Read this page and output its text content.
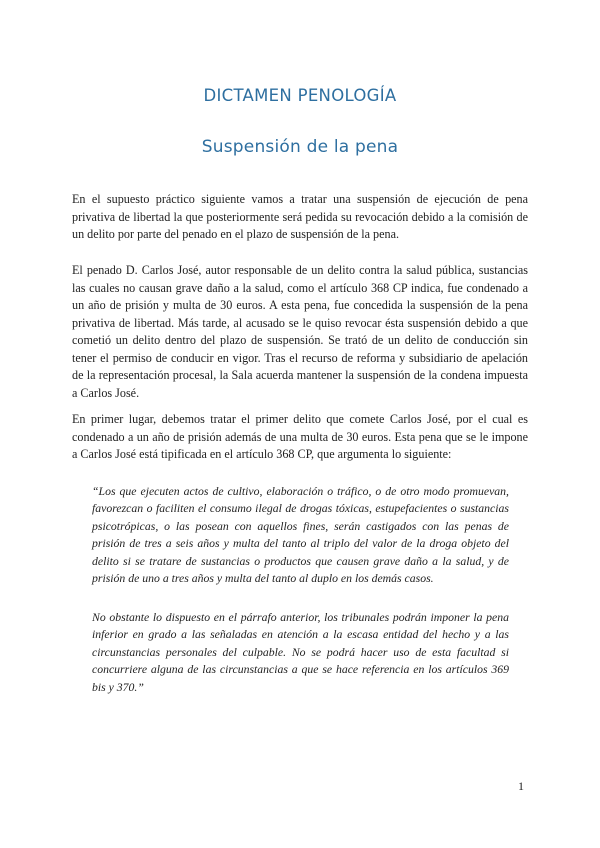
DICTAMEN PENOLOGÍA
Suspensión de la pena

En el supuesto práctico siguiente vamos a tratar una suspensión de ejecución de pena privativa de libertad la que posteriormente será pedida su revocación debido a la comisión de un delito por parte del penado en el plazo de suspensión de la pena.

El penado D. Carlos José, autor responsable de un delito contra la salud pública, sustancias las cuales no causan grave daño a la salud, como el artículo 368 CP indica, fue condenado a un año de prisión y multa de 30 euros. A esta pena, fue concedida la suspensión de la pena privativa de libertad. Más tarde, al acusado se le quiso revocar ésta suspensión debido a que cometió un delito dentro del plazo de suspensión. Se trató de un delito de conducción sin tener el permiso de conducir en vigor. Tras el recurso de reforma y subsidiario de apelación de la representación procesal, la Sala acuerda mantener la suspensión de la condena impuesta a Carlos José.

En primer lugar, debemos tratar el primer delito que comete Carlos José, por el cual es condenado a un año de prisión además de una multa de 30 euros. Esta pena que se le impone a Carlos José está tipificada en el artículo 368 CP, que argumenta lo siguiente:

“Los que ejecuten actos de cultivo, elaboración o tráfico, o de otro modo promuevan, favorezcan o faciliten el consumo ilegal de drogas tóxicas, estupefacientes o sustancias psicotrópicas, o las posean con aquellos fines, serán castigados con las penas de prisión de tres a seis años y multa del tanto al triplo del valor de la droga objeto del delito si se tratare de sustancias o productos que causen grave daño a la salud, y de prisión de uno a tres años y multa del tanto al duplo en los demás casos.

No obstante lo dispuesto en el párrafo anterior, los tribunales podrán imponer la pena inferior en grado a las señaladas en atención a la escasa entidad del hecho y a las circunstancias personales del culpable. No se podrá hacer uso de esta facultad si concurriere alguna de las circunstancias a que se hace referencia en los artículos 369 bis y 370.”

1
